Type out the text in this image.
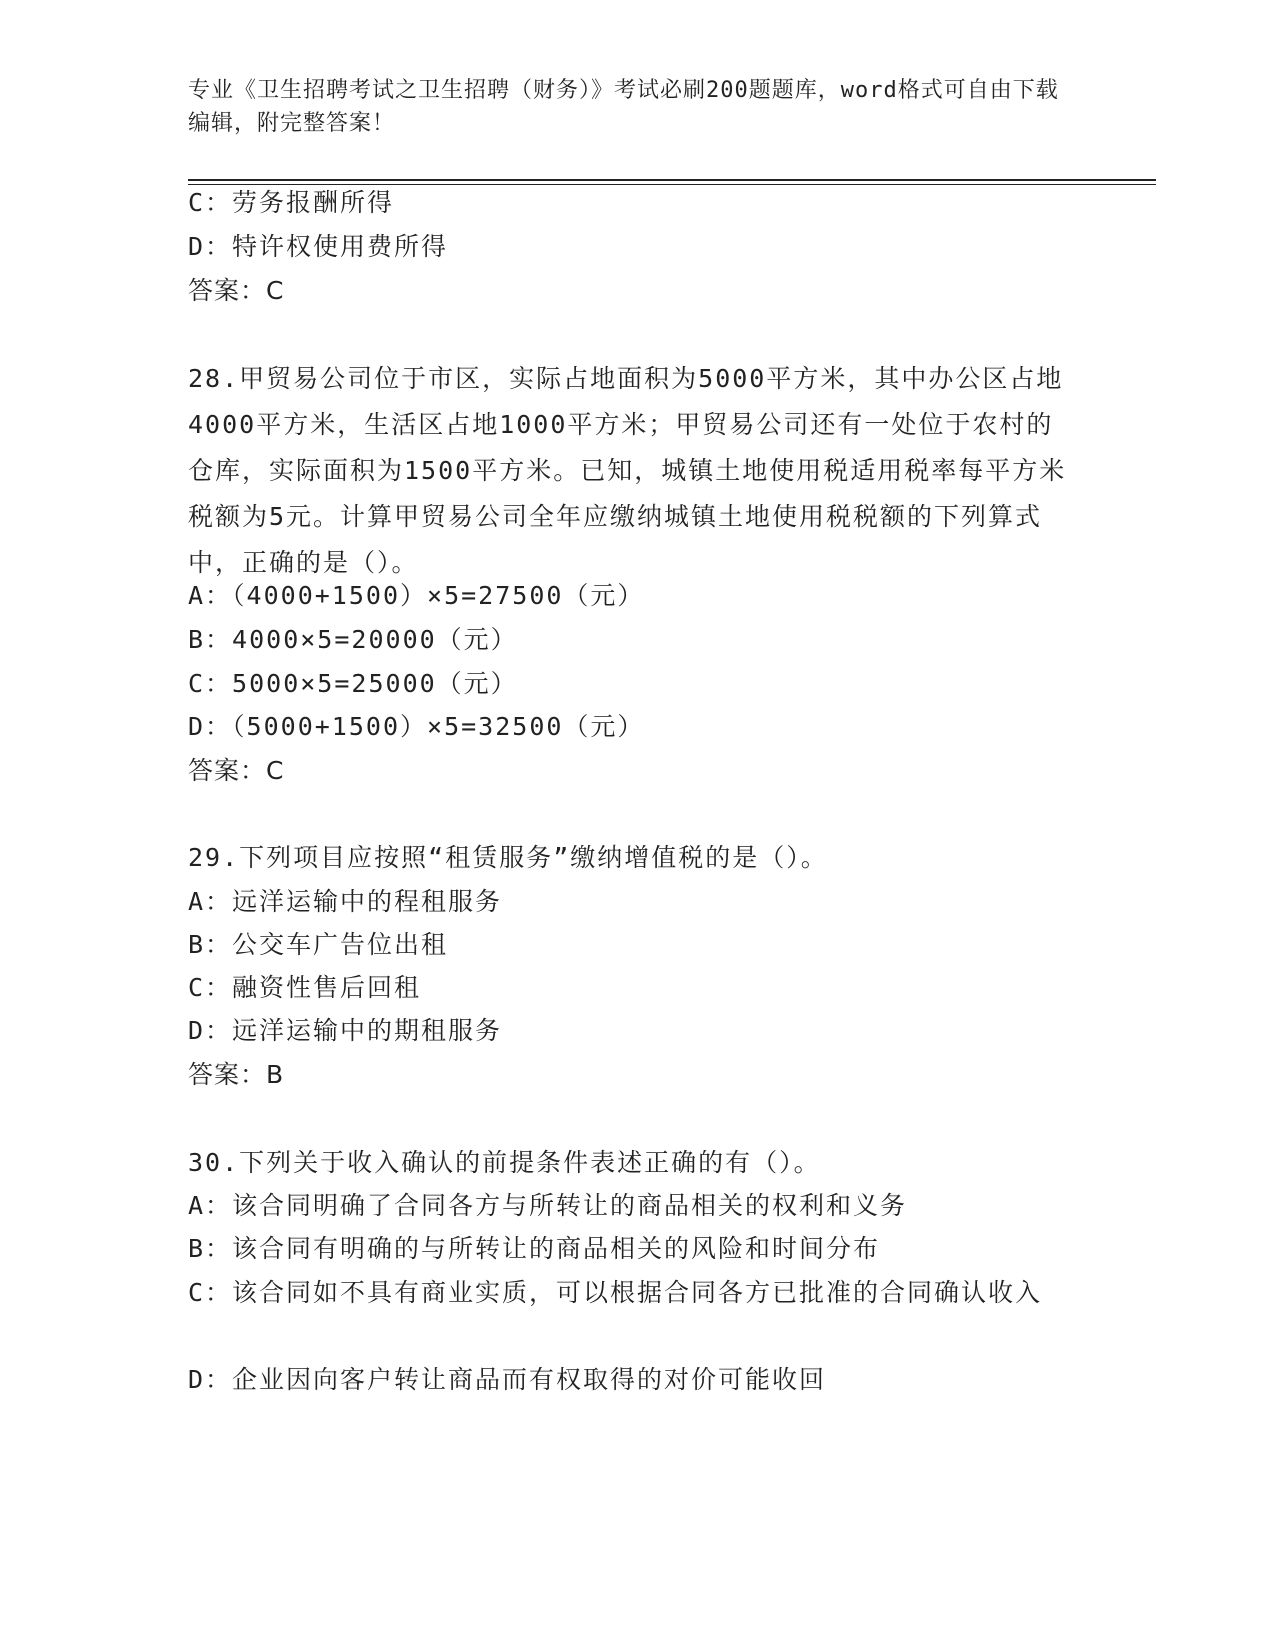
专业《卫生招聘考试之卫生招聘（财务）》考试必刷200题题库，word格式可自由下载编辑，附完整答案！
C：劳务报酬所得
D：特许权使用费所得
答案：C
28.甲贸易公司位于市区，实际占地面积为5000平方米，其中办公区占地4000平方米，生活区占地1000平方米；甲贸易公司还有一处位于农村的仓库，实际面积为1500平方米。已知，城镇土地使用税适用税率每平方米税额为5元。计算甲贸易公司全年应缴纳城镇土地使用税税额的下列算式中，正确的是（）。
A：（4000+1500）×5=27500（元）
B：4000×5=20000（元）
C：5000×5=25000（元）
D：（5000+1500）×5=32500（元）
答案：C
29.下列项目应按照“租赁服务”缴纳增值税的是（）。
A：远洋运输中的程租服务
B：公交车广告位出租
C：融资性售后回租
D：远洋运输中的期租服务
答案：B
30.下列关于收入确认的前提条件表述正确的有（）。
A：该合同明确了合同各方与所转让的商品相关的权利和义务
B：该合同有明确的与所转让的商品相关的风险和时间分布
C：该合同如不具有商业实质，可以根据合同各方已批准的合同确认收入
D：企业因向客户转让商品而有权取得的对价可能收回
